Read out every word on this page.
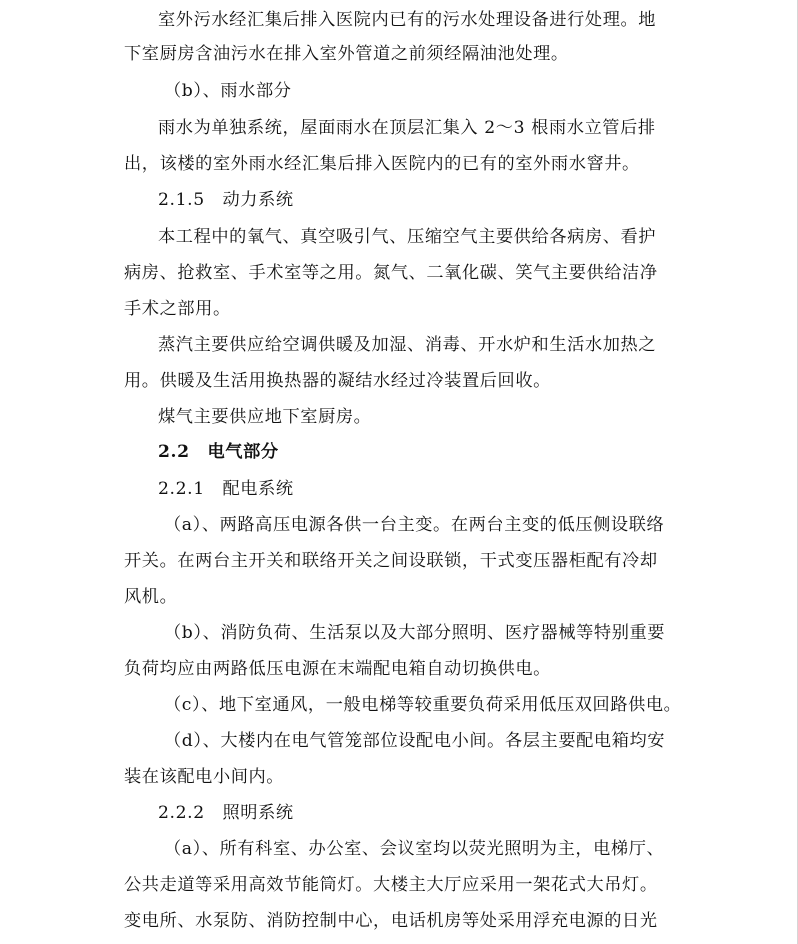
室外污水经汇集后排入医院内已有的污水处理设备进行处理。地
下室厨房含油污水在排入室外管道之前须经隔油池处理。
（b）、雨水部分
雨水为单独系统，屋面雨水在顶层汇集入 2～3 根雨水立管后排
出，该楼的室外雨水经汇集后排入医院内的已有的室外雨水窨井。
2.1.5　动力系统
本工程中的氧气、真空吸引气、压缩空气主要供给各病房、看护
病房、抢救室、手术室等之用。氮气、二氧化碳、笑气主要供给洁净
手术之部用。
蒸汽主要供应给空调供暖及加湿、消毒、开水炉和生活水加热之
用。供暖及生活用换热器的凝结水经过冷装置后回收。
煤气主要供应地下室厨房。
2.2　电气部分
2.2.1　配电系统
（a）、两路高压电源各供一台主变。在两台主变的低压侧设联络
开关。在两台主开关和联络开关之间设联锁，干式变压器柜配有冷却
风机。
（b）、消防负荷、生活泵以及大部分照明、医疗器械等特别重要
负荷均应由两路低压电源在末端配电箱自动切换供电。
（c）、地下室通风，一般电梯等较重要负荷采用低压双回路供电。
（d）、大楼内在电气管笼部位设配电小间。各层主要配电箱均安
装在该配电小间内。
2.2.2　照明系统
（a）、所有科室、办公室、会议室均以荧光照明为主，电梯厅、
公共走道等采用高效节能筒灯。大楼主大厅应采用一架花式大吊灯。
变电所、水泵防、消防控制中心，电话机房等处采用浮充电源的日光
